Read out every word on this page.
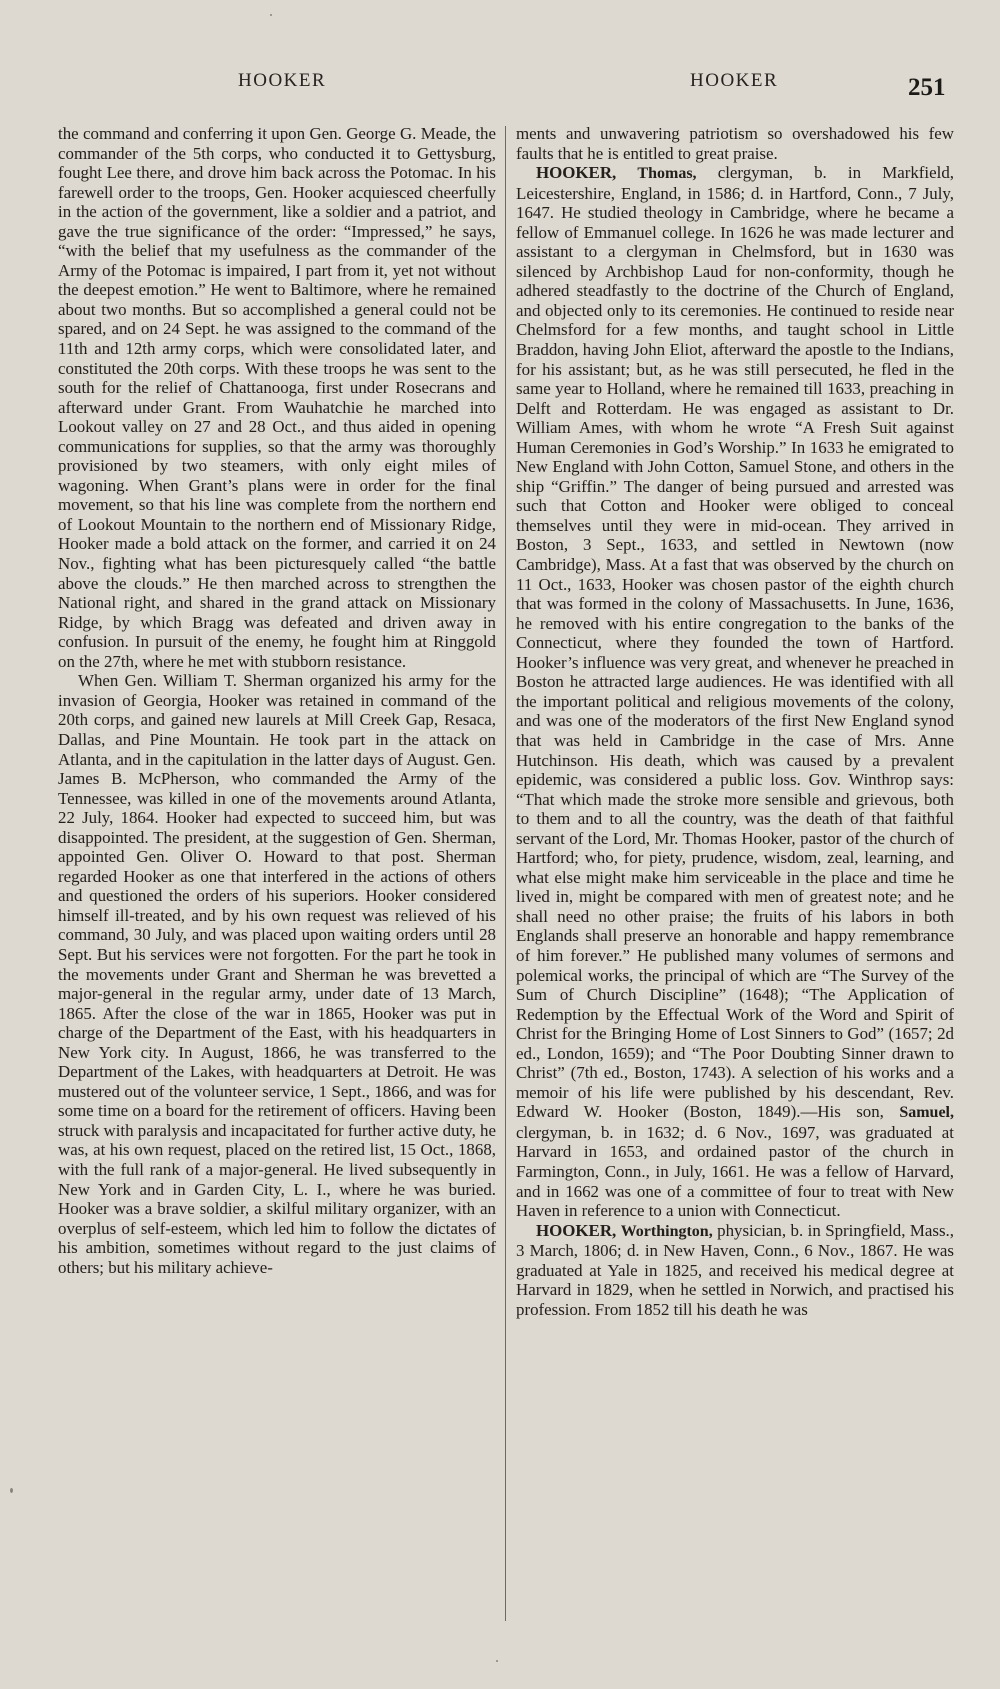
HOOKER	HOOKER	251

the command and conferring it upon Gen. George G. Meade, the commander of the 5th corps, who conducted it to Gettysburg, fought Lee there, and drove him back across the Potomac. In his farewell order to the troops, Gen. Hooker acquiesced cheerfully in the action of the government, like a soldier and a patriot, and gave the true significance of the order: “Impressed,” he says, “with the belief that my usefulness as the commander of the Army of the Potomac is impaired, I part from it, yet not without the deepest emotion.” He went to Baltimore, where he remained about two months. But so accomplished a general could not be spared, and on 24 Sept. he was assigned to the command of the 11th and 12th army corps, which were consolidated later, and constituted the 20th corps. With these troops he was sent to the south for the relief of Chattanooga, first under Rosecrans and afterward under Grant. From Wauhatchie he marched into Lookout valley on 27 and 28 Oct., and thus aided in opening communications for supplies, so that the army was thoroughly provisioned by two steamers, with only eight miles of wagoning. When Grant’s plans were in order for the final movement, so that his line was complete from the northern end of Lookout Mountain to the northern end of Missionary Ridge, Hooker made a bold attack on the former, and carried it on 24 Nov., fighting what has been picturesquely called “the battle above the clouds.” He then marched across to strengthen the National right, and shared in the grand attack on Missionary Ridge, by which Bragg was defeated and driven away in confusion. In pursuit of the enemy, he fought him at Ringgold on the 27th, where he met with stubborn resistance.

When Gen. William T. Sherman organized his army for the invasion of Georgia, Hooker was retained in command of the 20th corps, and gained new laurels at Mill Creek Gap, Resaca, Dallas, and Pine Mountain. He took part in the attack on Atlanta, and in the capitulation in the latter days of August. Gen. James B. McPherson, who commanded the Army of the Tennessee, was killed in one of the movements around Atlanta, 22 July, 1864. Hooker had expected to succeed him, but was disappointed. The president, at the suggestion of Gen. Sherman, appointed Gen. Oliver O. Howard to that post. Sherman regarded Hooker as one that interfered in the actions of others and questioned the orders of his superiors. Hooker considered himself ill-treated, and by his own request was relieved of his command, 30 July, and was placed upon waiting orders until 28 Sept. But his services were not forgotten. For the part he took in the movements under Grant and Sherman he was brevetted a major-general in the regular army, under date of 13 March, 1865. After the close of the war in 1865, Hooker was put in charge of the Department of the East, with his headquarters in New York city. In August, 1866, he was transferred to the Department of the Lakes, with headquarters at Detroit. He was mustered out of the volunteer service, 1 Sept., 1866, and was for some time on a board for the retirement of officers. Having been struck with paralysis and incapacitated for further active duty, he was, at his own request, placed on the retired list, 15 Oct., 1868, with the full rank of a major-general. He lived subsequently in New York and in Garden City, L. I., where he was buried. Hooker was a brave soldier, a skilful military organizer, with an overplus of self-esteem, which led him to follow the dictates of his ambition, sometimes without regard to the just claims of others; but his military achieve-

ments and unwavering patriotism so overshadowed his few faults that he is entitled to great praise.

HOOKER, Thomas, clergyman, b. in Markfield, Leicestershire, England, in 1586; d. in Hartford, Conn., 7 July, 1647. He studied theology in Cambridge, where he became a fellow of Emmanuel college. In 1626 he was made lecturer and assistant to a clergyman in Chelmsford, but in 1630 was silenced by Archbishop Laud for non-conformity, though he adhered steadfastly to the doctrine of the Church of England, and objected only to its ceremonies. He continued to reside near Chelmsford for a few months, and taught school in Little Braddon, having John Eliot, afterward the apostle to the Indians, for his assistant; but, as he was still persecuted, he fled in the same year to Holland, where he remained till 1633, preaching in Delft and Rotterdam. He was engaged as assistant to Dr. William Ames, with whom he wrote “A Fresh Suit against Human Ceremonies in God’s Worship.” In 1633 he emigrated to New England with John Cotton, Samuel Stone, and others in the ship “Griffin.” The danger of being pursued and arrested was such that Cotton and Hooker were obliged to conceal themselves until they were in mid-ocean. They arrived in Boston, 3 Sept., 1633, and settled in Newtown (now Cambridge), Mass. At a fast that was observed by the church on 11 Oct., 1633, Hooker was chosen pastor of the eighth church that was formed in the colony of Massachusetts. In June, 1636, he removed with his entire congregation to the banks of the Connecticut, where they founded the town of Hartford. Hooker’s influence was very great, and whenever he preached in Boston he attracted large audiences. He was identified with all the important political and religious movements of the colony, and was one of the moderators of the first New England synod that was held in Cambridge in the case of Mrs. Anne Hutchinson. His death, which was caused by a prevalent epidemic, was considered a public loss. Gov. Winthrop says: “That which made the stroke more sensible and grievous, both to them and to all the country, was the death of that faithful servant of the Lord, Mr. Thomas Hooker, pastor of the church of Hartford; who, for piety, prudence, wisdom, zeal, learning, and what else might make him serviceable in the place and time he lived in, might be compared with men of greatest note; and he shall need no other praise; the fruits of his labors in both Englands shall preserve an honorable and happy remembrance of him forever.” He published many volumes of sermons and polemical works, the principal of which are “The Survey of the Sum of Church Discipline” (1648); “The Application of Redemption by the Effectual Work of the Word and Spirit of Christ for the Bringing Home of Lost Sinners to God” (1657; 2d ed., London, 1659); and “The Poor Doubting Sinner drawn to Christ” (7th ed., Boston, 1743). A selection of his works and a memoir of his life were published by his descendant, Rev. Edward W. Hooker (Boston, 1849).—His son, Samuel, clergyman, b. in 1632; d. 6 Nov., 1697, was graduated at Harvard in 1653, and ordained pastor of the church in Farmington, Conn., in July, 1661. He was a fellow of Harvard, and in 1662 was one of a committee of four to treat with New Haven in reference to a union with Connecticut.

HOOKER, Worthington, physician, b. in Springfield, Mass., 3 March, 1806; d. in New Haven, Conn., 6 Nov., 1867. He was graduated at Yale in 1825, and received his medical degree at Harvard in 1829, when he settled in Norwich, and practised his profession. From 1852 till his death he was
